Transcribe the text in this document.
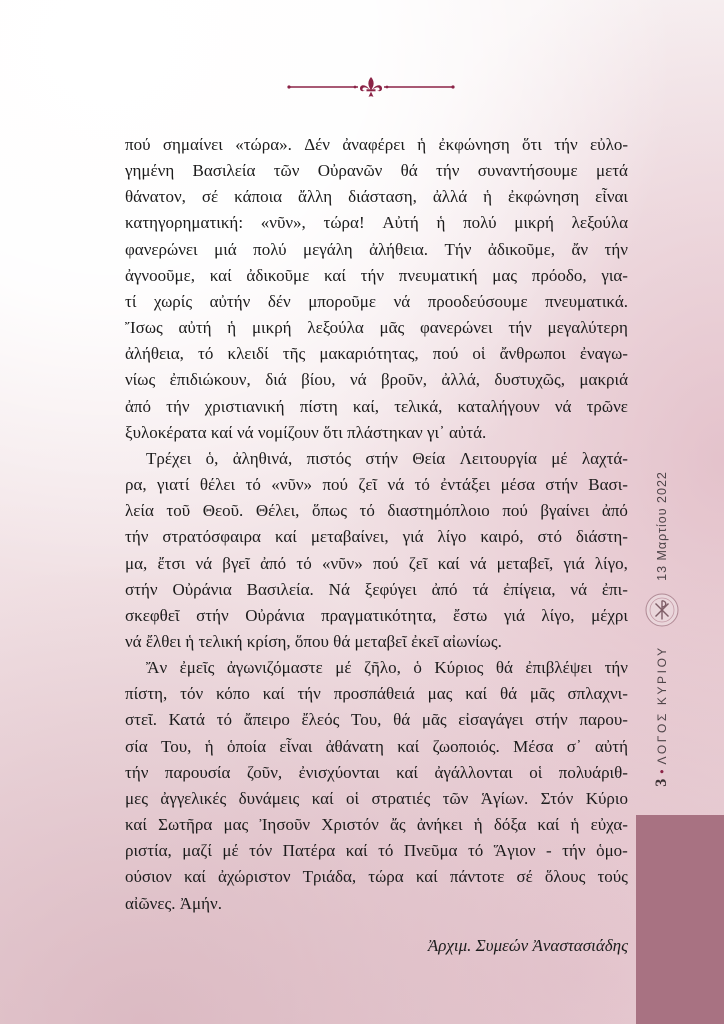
πού σημαίνει «τώρα». Δέν ἀναφέρει ἡ ἐκφώνηση ὅτι τήν εὐλο-
γημένη Βασιλεία τῶν Οὐρανῶν θά τήν συναντήσουμε μετά
θάνατον, σέ κάποια ἄλλη διάσταση, ἀλλά ἡ ἐκφώνηση εἶναι
κατηγορηματική: «νῦν», τώρα! Αὐτή ἡ πολύ μικρή λεξούλα
φανερώνει μιά πολύ μεγάλη ἀλήθεια. Τήν ἀδικοῦμε, ἄν τήν
ἀγνοοῦμε, καί ἀδικοῦμε καί τήν πνευματική μας πρόοδο, για-
τί χωρίς αὐτήν δέν μποροῦμε νά προοδεύσουμε πνευματικά.
Ἴσως αὐτή ἡ μικρή λεξούλα μᾶς φανερώνει τήν μεγαλύτερη
ἀλήθεια, τό κλειδί τῆς μακαριότητας, πού οἱ ἄνθρωποι ἐναγω-
νίως ἐπιδιώκουν, διά βίου, νά βροῦν, ἀλλά, δυστυχῶς, μακριά
ἀπό τήν χριστιανική πίστη καί, τελικά, καταλήγουν νά τρῶνε
ξυλοκέρατα καί νά νομίζουν ὅτι πλάστηκαν γι᾽ αὐτά.
Τρέχει ὁ, ἀληθινά, πιστός στήν Θεία Λειτουργία μέ λαχτά-
ρα, γιατί θέλει τό «νῦν» πού ζεῖ νά τό ἐντάξει μέσα στήν Βασι-
λεία τοῦ Θεοῦ. Θέλει, ὅπως τό διαστημόπλοιο πού βγαίνει ἀπό
τήν στρατόσφαιρα καί μεταβαίνει, γιά λίγο καιρό, στό διάστη-
μα, ἔτσι νά βγεῖ ἀπό τό «νῦν» πού ζεῖ καί νά μεταβεῖ, γιά λίγο,
στήν Οὐράνια Βασιλεία. Νά ξεφύγει ἀπό τά ἐπίγεια, νά ἐπι-
σκεφθεῖ στήν Οὐράνια πραγματικότητα, ἔστω γιά λίγο, μέχρι
νά ἔλθει ἡ τελική κρίση, ὅπου θά μεταβεῖ ἐκεῖ αἰωνίως.
Ἄν ἐμεῖς ἀγωνιζόμαστε μέ ζῆλο, ὁ Κύριος θά ἐπιβλέψει τήν
πίστη, τόν κόπο καί τήν προσπάθειά μας καί θά μᾶς σπλαχνι-
στεῖ. Κατά τό ἄπειρο ἔλεός Του, θά μᾶς εἰσαγάγει στήν παρου-
σία Του, ἡ ὁποία εἶναι ἀθάνατη καί ζωοποιός. Μέσα σ᾽ αὐτή
τήν παρουσία ζοῦν, ἐνισχύονται καί ἀγάλλονται οἱ πολυάριθ-
μες ἀγγελικές δυνάμεις καί οἱ στρατιές τῶν Ἁγίων. Στόν Κύριο
καί Σωτῆρα μας Ἰησοῦν Χριστόν ἄς ἀνήκει ἡ δόξα καί ἡ εὐχα-
ριστία, μαζί μέ τόν Πατέρα καί τό Πνεῦμα τό Ἅγιον - τήν ὁμο-
ούσιον καί ἀχώριστον Τριάδα, τώρα καί πάντοτε σέ ὅλους τούς
αἰῶνες. Ἀμήν.
Ἀρχιμ. Συμεών Ἀναστασιάδης
13 Μαρτίου 2022
3•ΛΟΓΟΣ ΚΥΡΙΟΥ
